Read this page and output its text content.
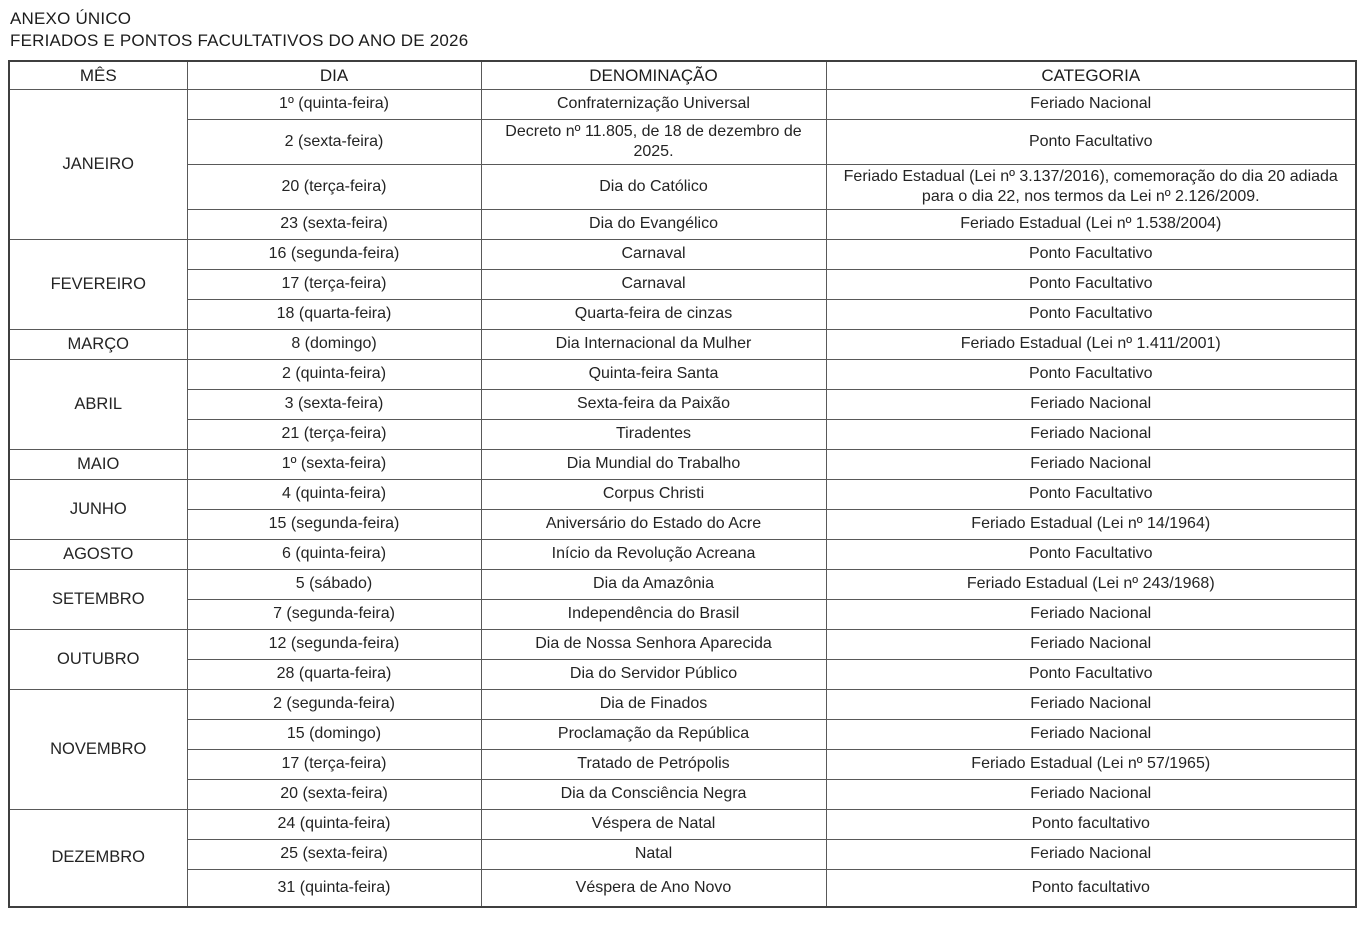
ANEXO ÚNICO
FERIADOS E PONTOS FACULTATIVOS DO ANO DE 2026
MÊS	DIA	DENOMINAÇÃO	CATEGORIA
JANEIRO	1º (quinta-feira)	Confraternização Universal	Feriado Nacional
	2 (sexta-feira)	Decreto nº 11.805, de 18 de dezembro de 2025.	Ponto Facultativo
	20 (terça-feira)	Dia do Católico	Feriado Estadual (Lei nº 3.137/2016), comemoração do dia 20 adiada para o dia 22, nos termos da Lei nº 2.126/2009.
	23 (sexta-feira)	Dia do Evangélico	Feriado Estadual (Lei nº 1.538/2004)
FEVEREIRO	16 (segunda-feira)	Carnaval	Ponto Facultativo
	17 (terça-feira)	Carnaval	Ponto Facultativo
	18 (quarta-feira)	Quarta-feira de cinzas	Ponto Facultativo
MARÇO	8 (domingo)	Dia Internacional da Mulher	Feriado Estadual (Lei nº 1.411/2001)
ABRIL	2 (quinta-feira)	Quinta-feira Santa	Ponto Facultativo
	3 (sexta-feira)	Sexta-feira da Paixão	Feriado Nacional
	21 (terça-feira)	Tiradentes	Feriado Nacional
MAIO	1º (sexta-feira)	Dia Mundial do Trabalho	Feriado Nacional
JUNHO	4 (quinta-feira)	Corpus Christi	Ponto Facultativo
	15 (segunda-feira)	Aniversário do Estado do Acre	Feriado Estadual (Lei nº 14/1964)
AGOSTO	6 (quinta-feira)	Início da Revolução Acreana	Ponto Facultativo
SETEMBRO	5 (sábado)	Dia da Amazônia	Feriado Estadual (Lei nº 243/1968)
	7 (segunda-feira)	Independência do Brasil	Feriado Nacional
OUTUBRO	12 (segunda-feira)	Dia de Nossa Senhora Aparecida	Feriado Nacional
	28 (quarta-feira)	Dia do Servidor Público	Ponto Facultativo
NOVEMBRO	2 (segunda-feira)	Dia de Finados	Feriado Nacional
	15 (domingo)	Proclamação da República	Feriado Nacional
	17 (terça-feira)	Tratado de Petrópolis	Feriado Estadual (Lei nº 57/1965)
	20 (sexta-feira)	Dia da Consciência Negra	Feriado Nacional
DEZEMBRO	24 (quinta-feira)	Véspera de Natal	Ponto facultativo
	25 (sexta-feira)	Natal	Feriado Nacional
	31 (quinta-feira)	Véspera de Ano Novo	Ponto facultativo
